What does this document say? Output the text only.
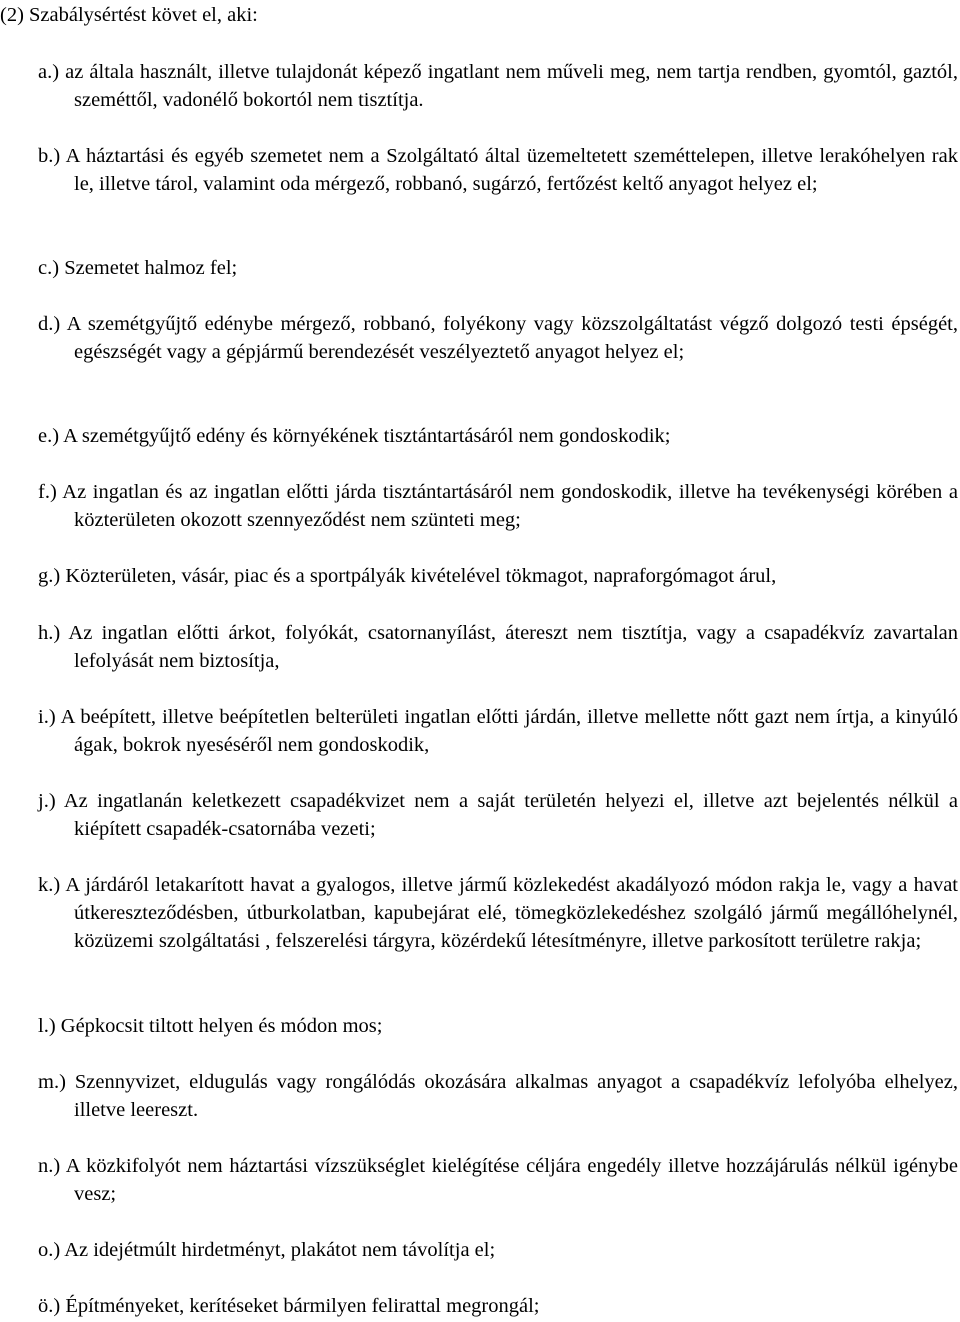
(2) Szabálysértést követ el, aki:
a.) az általa használt, illetve tulajdonát képező ingatlant nem műveli meg, nem tartja rendben, gyomtól, gaztól, szeméttől, vadonélő bokortól nem tisztítja.
b.) A háztartási és egyéb szemetet nem a Szolgáltató által üzemeltetett szeméttelepen, illetve lerakóhelyen rak le, illetve tárol, valamint oda mérgező, robbanó, sugárzó, fertőzést keltő anyagot helyez el;
c.) Szemetet halmoz fel;
d.) A szemétgyűjtő edénybe mérgező, robbanó, folyékony vagy közszolgáltatást végző dolgozó testi épségét, egészségét vagy a gépjármű berendezését veszélyeztető anyagot helyez el;
e.) A szemétgyűjtő edény és környékének tisztántartásáról nem gondoskodik;
f.) Az ingatlan és az ingatlan előtti járda tisztántartásáról nem gondoskodik, illetve ha tevékenységi körében a közterületen okozott szennyeződést nem szünteti meg;
g.) Közterületen, vásár, piac és a sportpályák kivételével tökmagot, napraforgómagot árul,
h.) Az ingatlan előtti árkot, folyókát, csatornanyílást, átereszt nem tisztítja, vagy a csapadékvíz zavartalan lefolyását nem biztosítja,
i.) A beépített, illetve beépítetlen belterületi ingatlan előtti járdán, illetve mellette nőtt gazt nem írtja, a kinyúló ágak, bokrok nyeséséről nem gondoskodik,
j.) Az ingatlanán keletkezett csapadékvizet nem a saját területén helyezi el, illetve azt bejelentés nélkül a kiépített csapadék-csatornába vezeti;
k.) A járdáról letakarított havat a gyalogos, illetve jármű közlekedést akadályozó módon rakja le, vagy a havat útkereszteződésben, útburkolatban, kapubejárat elé, tömegközlekedéshez szolgáló jármű megállóhelynél, közüzemi szolgáltatási , felszerelési tárgyra, közérdekű létesítményre, illetve parkosított területre rakja;
l.) Gépkocsit tiltott helyen és módon mos;
m.) Szennyvizet, eldugulás vagy rongálódás okozására alkalmas anyagot a csapadékvíz lefolyóba elhelyez, illetve leereszt.
n.) A közkifolyót nem háztartási vízszükséglet kielégítése céljára engedély illetve hozzájárulás nélkül igénybe vesz;
o.) Az idejétmúlt hirdetményt, plakátot nem távolítja el;
ö.) Építményeket, kerítéseket bármilyen felirattal megrongál;
